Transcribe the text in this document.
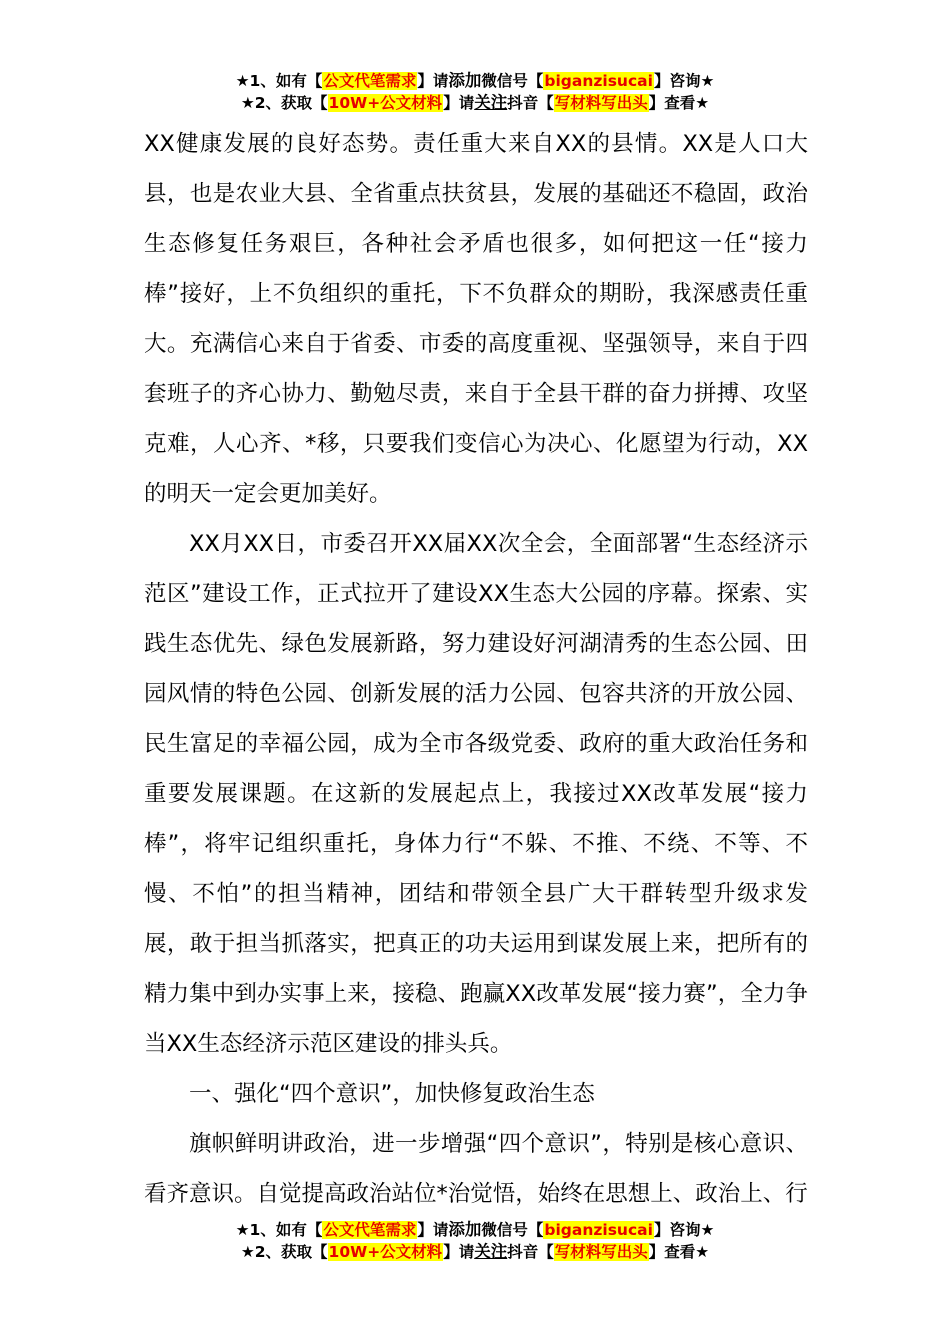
★1、如有【公文代笔需求】请添加微信号【biganzisucai】咨询★
★2、获取【10W+公文材料】请关注抖音【写材料写出头】查看★

XX健康发展的良好态势。责任重大来自XX的县情。XX是人口大县，也是农业大县、全省重点扶贫县，发展的基础还不稳固，政治生态修复任务艰巨，各种社会矛盾也很多，如何把这一任“接力棒”接好，上不负组织的重托，下不负群众的期盼，我深感责任重大。充满信心来自于省委、市委的高度重视、坚强领导，来自于四套班子的齐心协力、勤勉尽责，来自于全县干群的奋力拼搏、攻坚克难，人心齐、*移，只要我们变信心为决心、化愿望为行动，XX的明天一定会更加美好。

XX月XX日，市委召开XX届XX次全会，全面部署“生态经济示范区”建设工作，正式拉开了建设XX生态大公园的序幕。探索、实践生态优先、绿色发展新路，努力建设好河湖清秀的生态公园、田园风情的特色公园、创新发展的活力公园、包容共济的开放公园、民生富足的幸福公园，成为全市各级党委、政府的重大政治任务和重要发展课题。在这新的发展起点上，我接过XX改革发展“接力棒”，将牢记组织重托，身体力行“不躲、不推、不绕、不等、不慢、不怕”的担当精神，团结和带领全县广大干群转型升级求发展，敢于担当抓落实，把真正的功夫运用到谋发展上来，把所有的精力集中到办实事上来，接稳、跑赢XX改革发展“接力赛”，全力争当XX生态经济示范区建设的排头兵。

一、强化“四个意识”，加快修复政治生态

旗帜鲜明讲政治，进一步增强“四个意识”，特别是核心意识、看齐意识。自觉提高政治站位*治觉悟，始终在思想上、政治上、行

★1、如有【公文代笔需求】请添加微信号【biganzisucai】咨询★
★2、获取【10W+公文材料】请关注抖音【写材料写出头】查看★
